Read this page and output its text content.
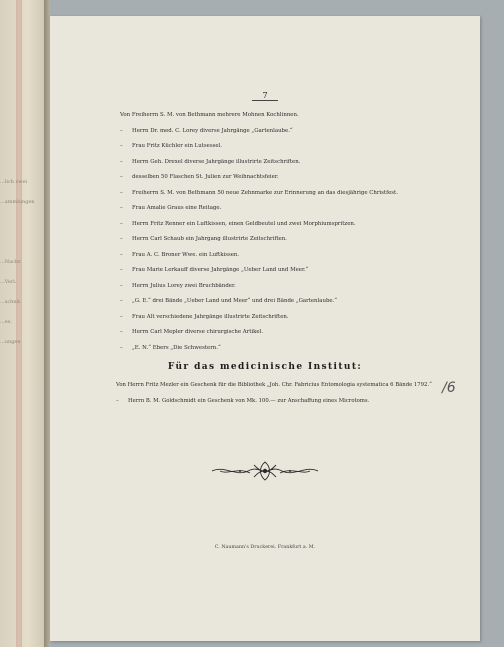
...lich zwei
...ammlungen
...Nachr.
...Verl.
...schnit.
...es.
...ungen
7
Von Freiherrn S. M. von Bethmann mehrere Mohnen Kochlinnen.
– Herrn Dr. med. C. Lorey diverse Jahrgänge „Gartenlaube.“
– Frau Fritz Küchler ein Lutsessel.
– Herrn Geh. Drexel diverse Jahrgänge illustrirte Zeitschriften.
– desselben 50 Flaschen St. Julien zur Weihnachtsfeier.
– Freiherrn S. M. von Bethmann 50 neue Zehnmarke zur Erinnerung an das diesjährige Christfest.
– Frau Amalie Graus eine Reitage.
– Herrn Fritz Renner ein Luftkissen, einen Geldbeutel und zwei Morphiumspritzen.
– Herrn Carl Schaub ein Jahrgang illustrirte Zeitschriften.
– Frau A. C. Broner Wwe. ein Luftkissen.
– Frau Marie Lerkauff diverse Jahrgänge „Ueber Land und Meer.“
– Herrn Julius Lorey zwei Bruchbänder.
– „G. E.“ drei Bände „Ueber Land und Meer“ und drei Bände „Gartenlaube.“
– Frau Alt verschiedene Jahrgänge illustrirte Zeitschriften.
– Herrn Carl Mepler diverse chirurgische Artikel.
– „E. N.“ Ebers „Die Schwestern.“
Für das medicinische Institut:
Von Herrn Fritz Mezler ein Geschenk für die Bibliothek „Joh. Chr. Fabricius Entomologia systematica 6 Bände 1792.“
– Herrn B. M. Goldschmidt ein Geschenk von Mk. 100.— zur Anschaffung eines Microtoms.
/6
C. Naumann's Druckerei. Frankfurt a. M.
